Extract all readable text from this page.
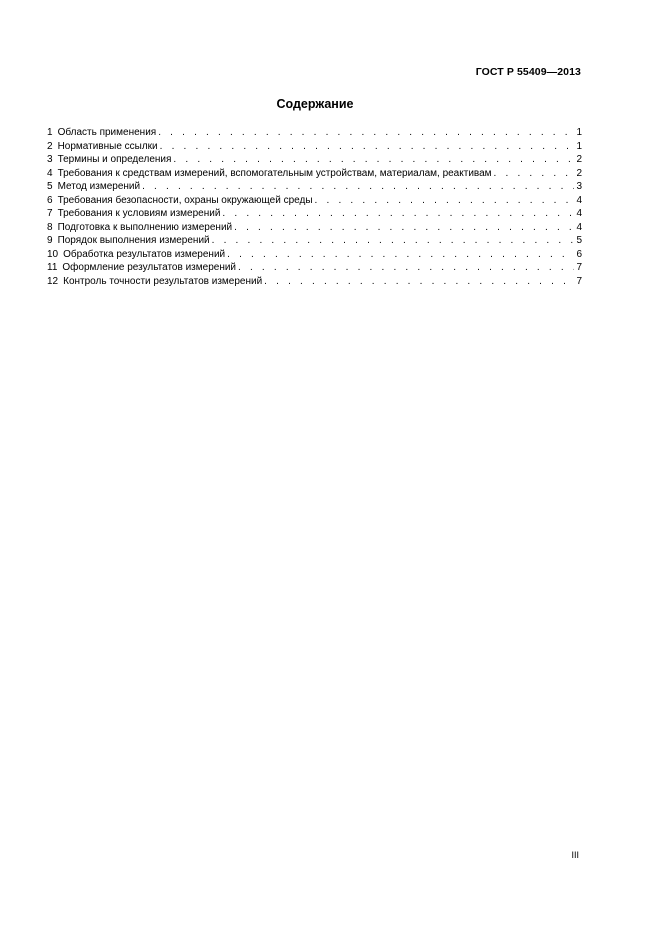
ГОСТ Р 55409—2013
Содержание
1 Область применения . . .	1
2 Нормативные ссылки . . .	1
3 Термины и определения . . .	2
4 Требования к средствам измерений, вспомогательным устройствам, материалам, реактивам . . .	2
5 Метод измерений . . .	3
6 Требования безопасности, охраны окружающей среды . . .	4
7 Требования к условиям измерений . . .	4
8 Подготовка к выполнению измерений . . .	4
9 Порядок выполнения измерений . . .	5
10 Обработка результатов измерений . . .	6
11 Оформление результатов измерений . . .	7
12 Контроль точности результатов измерений . . .	7
III
